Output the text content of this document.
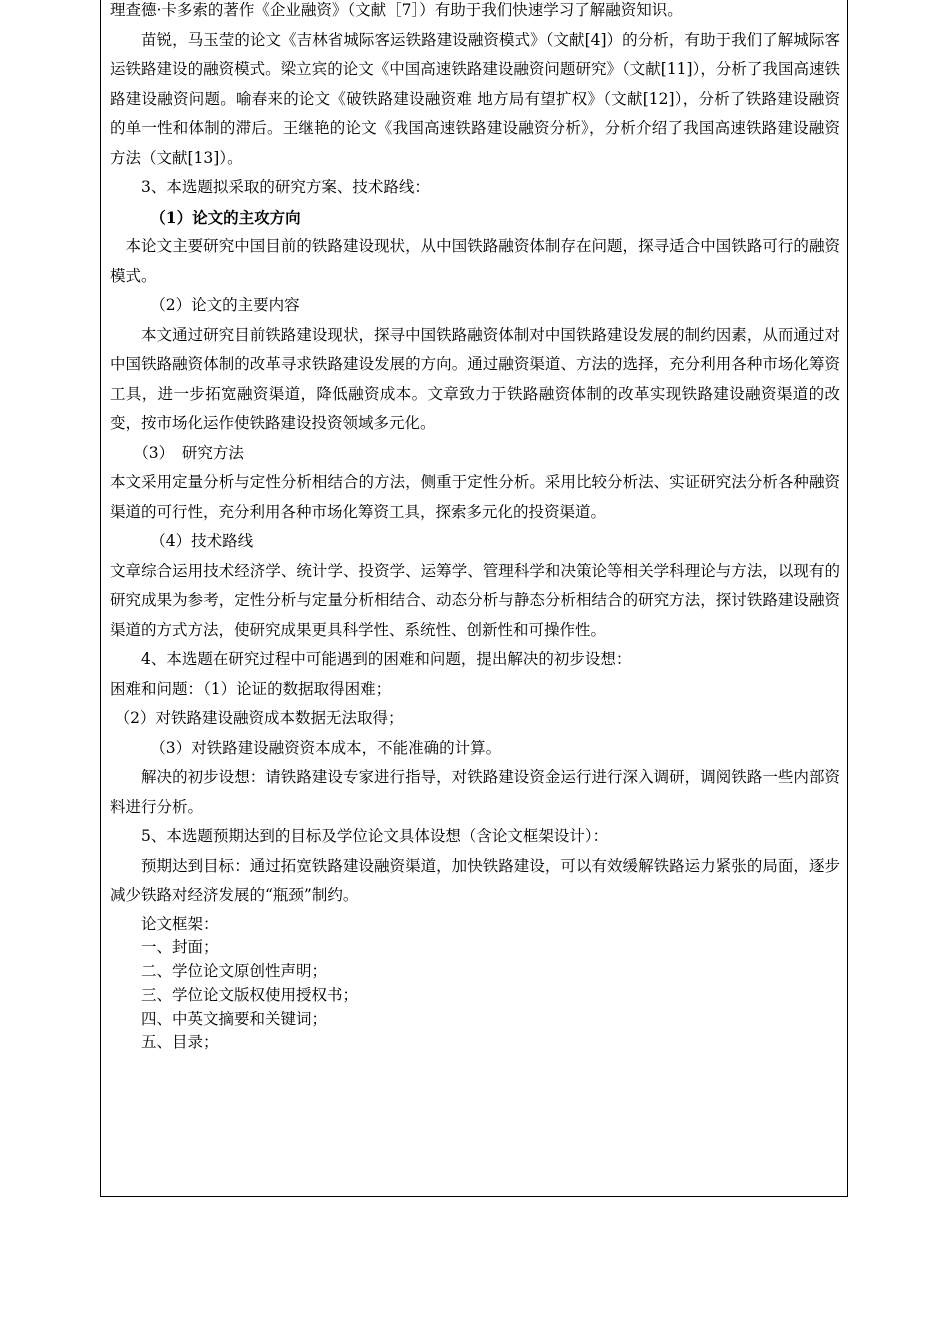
理查德·卡多索的著作《企业融资》（文献［7］）有助于我们快速学习了解融资知识。

苗锐，马玉莹的论文《吉林省城际客运铁路建设融资模式》（文献[4]）的分析，有助于我们了解城际客运铁路建设的融资模式。梁立宾的论文《中国高速铁路建设融资问题研究》（文献[11]），分析了我国高速铁路建设融资问题。喻春来的论文《破铁路建设融资难 地方局有望扩权》（文献[12]），分析了铁路建设融资的单一性和体制的滞后。王继艳的论文《我国高速铁路建设融资分析》，分析介绍了我国高速铁路建设融资方法（文献[13]）。

3、本选题拟采取的研究方案、技术路线：

（1）论文的主攻方向

本论文主要研究中国目前的铁路建设现状，从中国铁路融资体制存在问题，探寻适合中国铁路可行的融资模式。

（2）论文的主要内容

本文通过研究目前铁路建设现状，探寻中国铁路融资体制对中国铁路建设发展的制约因素，从而通过对中国铁路融资体制的改革寻求铁路建设发展的方向。通过融资渠道、方法的选择，充分利用各种市场化筹资工具，进一步拓宽融资渠道，降低融资成本。文章致力于铁路融资体制的改革实现铁路建设融资渠道的改变，按市场化运作使铁路建设投资领域多元化。

（3）　研究方法

本文采用定量分析与定性分析相结合的方法，侧重于定性分析。采用比较分析法、实证研究法分析各种融资渠道的可行性，充分利用各种市场化筹资工具，探索多元化的投资渠道。

（4）技术路线

文章综合运用技术经济学、统计学、投资学、运筹学、管理科学和决策论等相关学科理论与方法，以现有的研究成果为参考，定性分析与定量分析相结合、动态分析与静态分析相结合的研究方法，探讨铁路建设融资渠道的方式方法，使研究成果更具科学性、系统性、创新性和可操作性。

4、本选题在研究过程中可能遇到的困难和问题，提出解决的初步设想：

困难和问题：（1）论证的数据取得困难；

（2）对铁路建设融资成本数据无法取得；

（3）对铁路建设融资资本成本，不能准确的计算。

解决的初步设想：请铁路建设专家进行指导，对铁路建设资金运行进行深入调研，调阅铁路一些内部资料进行分析。

5、本选题预期达到的目标及学位论文具体设想（含论文框架设计）：

预期达到目标：通过拓宽铁路建设融资渠道，加快铁路建设，可以有效缓解铁路运力紧张的局面，逐步减少铁路对经济发展的“瓶颈”制约。

论文框架：
一、封面；
二、学位论文原创性声明；
三、学位论文版权使用授权书；
四、中英文摘要和关键词；
五、目录；
